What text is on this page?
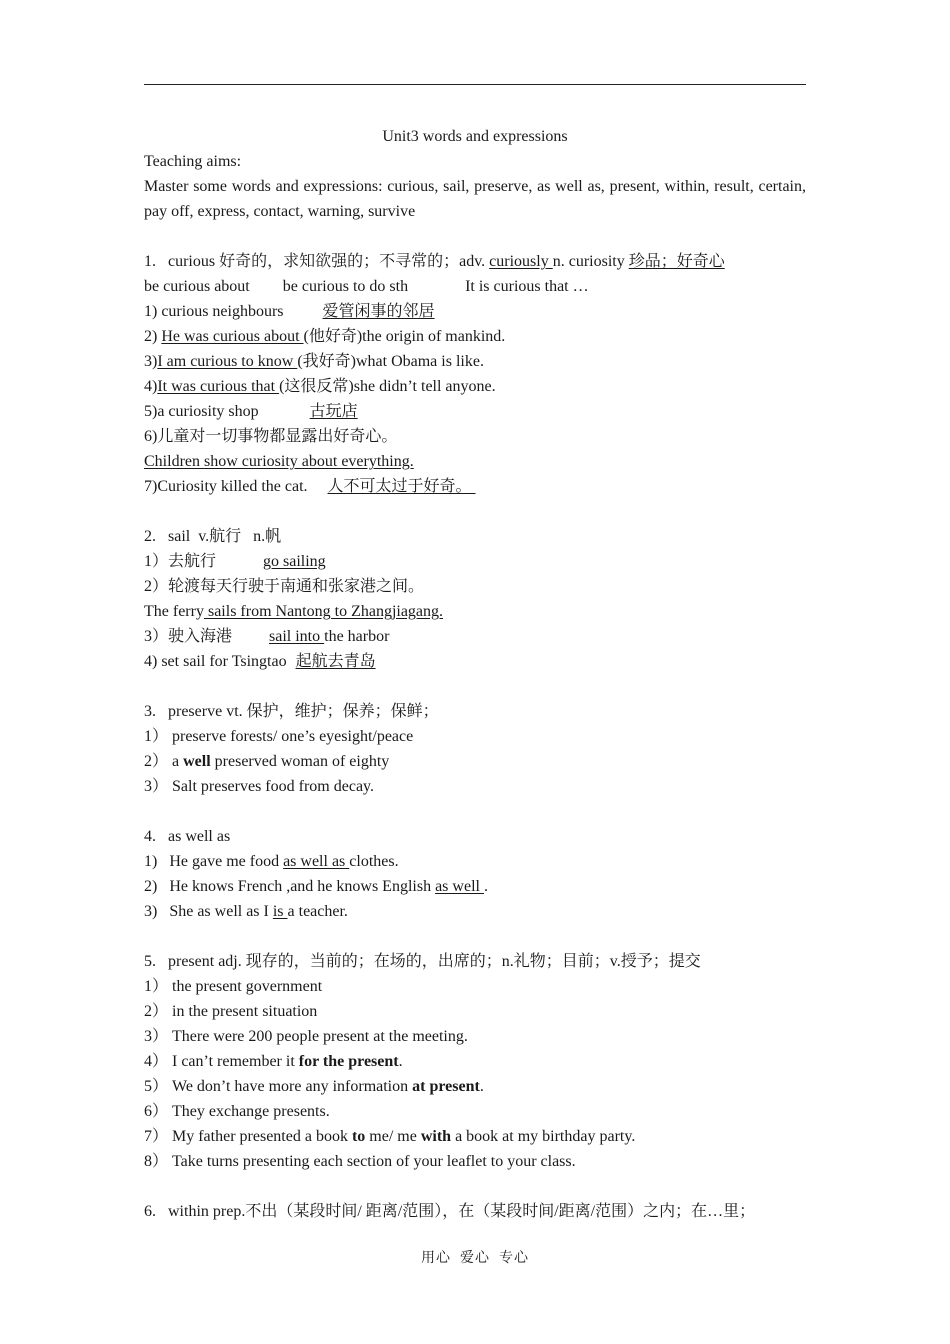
Unit3 words and expressions
Teaching aims:
Master some words and expressions: curious, sail, preserve, as well as, present, within, result, certain, pay off, express, contact, warning, survive
1.   curious 好奇的，求知欲强的；不寻常的；adv. curiously n. curiosity 珍品；好奇心
be curious about be curious to do sth	It is curious that …
1) curious neighbours 爱管闲事的邻居
2) He was curious about (他好奇)the origin of mankind.
3)I am curious to know (我好奇)what Obama is like.
4)It was curious that (这很反常)she didn’t tell anyone.
5)a curiosity shop	古玩店
6)儿童对一切事物都显露出好奇心。
Children show curiosity about everything.
7)Curiosity killed the cat. 人不可太过于好奇。
2.   sail  v.航行   n.帆
1）去航行	go sailing
2）轮渡每天行驶于南通和张家港之间。
The ferry sails from Nantong to Zhangjiagang.
3）驶入海港 sail into the harbor
4) set sail for Tsingtao 起航去青岛
3.   preserve vt. 保护，维护；保养；保鲜；
1） preserve forests/ one’s eyesight/peace
2） a well preserved woman of eighty
3） Salt preserves food from decay.
4.   as well as
1)   He gave me food as well as clothes.
2)   He knows French ,and he knows English as well .
3)   She as well as I is a teacher.
5.   present adj. 现存的，当前的；在场的，出席的；n.礼物；目前；v.授予；提交
1） the present government
2） in the present situation
3） There were 200 people present at the meeting.
4） I can’t remember it for the present.
5） We don’t have more any information at present.
6） They exchange presents.
7） My father presented a book to me/ me with a book at my birthday party.
8） Take turns presenting each section of your leaflet to your class.
6.   within prep.不出（某段时间/ 距离/范围），在（某段时间/距离/范围）之内；在…里；
用心  爱心  专心
